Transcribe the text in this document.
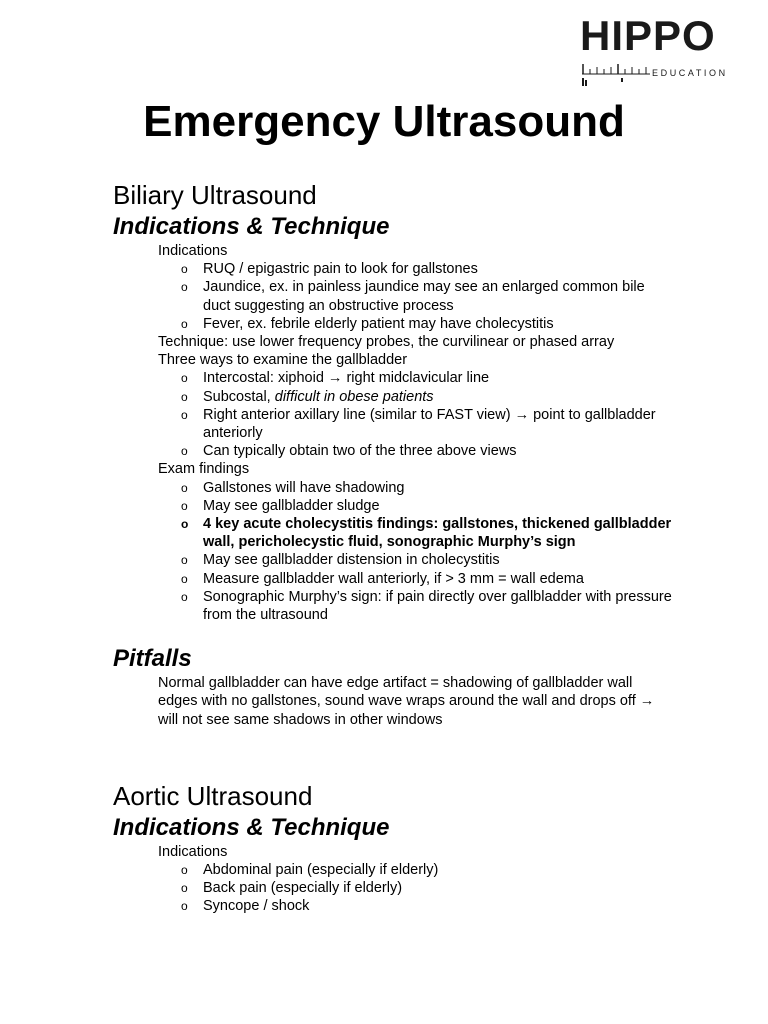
HIPPO
EDUCATION
Emergency Ultrasound
Biliary Ultrasound
Indications & Technique

Indications

o RUQ / epigastric pain to look for gallstones
o Jaundice, ex. in painless jaundice may see an enlarged common bile duct suggesting an obstructive process
o Fever, ex. febrile elderly patient may have cholecystitis

Technique: use lower frequency probes, the curvilinear or phased array

Three ways to examine the gallbladder

o Intercostal: xiphoid → right midclavicular line
o Subcostal, difficult in obese patients
o Right anterior axillary line (similar to FAST view) → point to gallbladder anteriorly
o Can typically obtain two of the three above views

Exam findings

o Gallstones will have shadowing
o May see gallbladder sludge
o 4 key acute cholecystitis findings: gallstones, thickened gallbladder wall, pericholecystic fluid, sonographic Murphy’s sign
o May see gallbladder distension in cholecystitis
o Measure gallbladder wall anteriorly, if > 3 mm = wall edema
o Sonographic Murphy’s sign: if pain directly over gallbladder with pressure from the ultrasound
Pitfalls

Normal gallbladder can have edge artifact = shadowing of gallbladder wall edges with no gallstones, sound wave wraps around the wall and drops off → will not see same shadows in other windows

Aortic Ultrasound
Indications & Technique

Indications

o Abdominal pain (especially if elderly)
o Back pain (especially if elderly)
o Syncope / shock
